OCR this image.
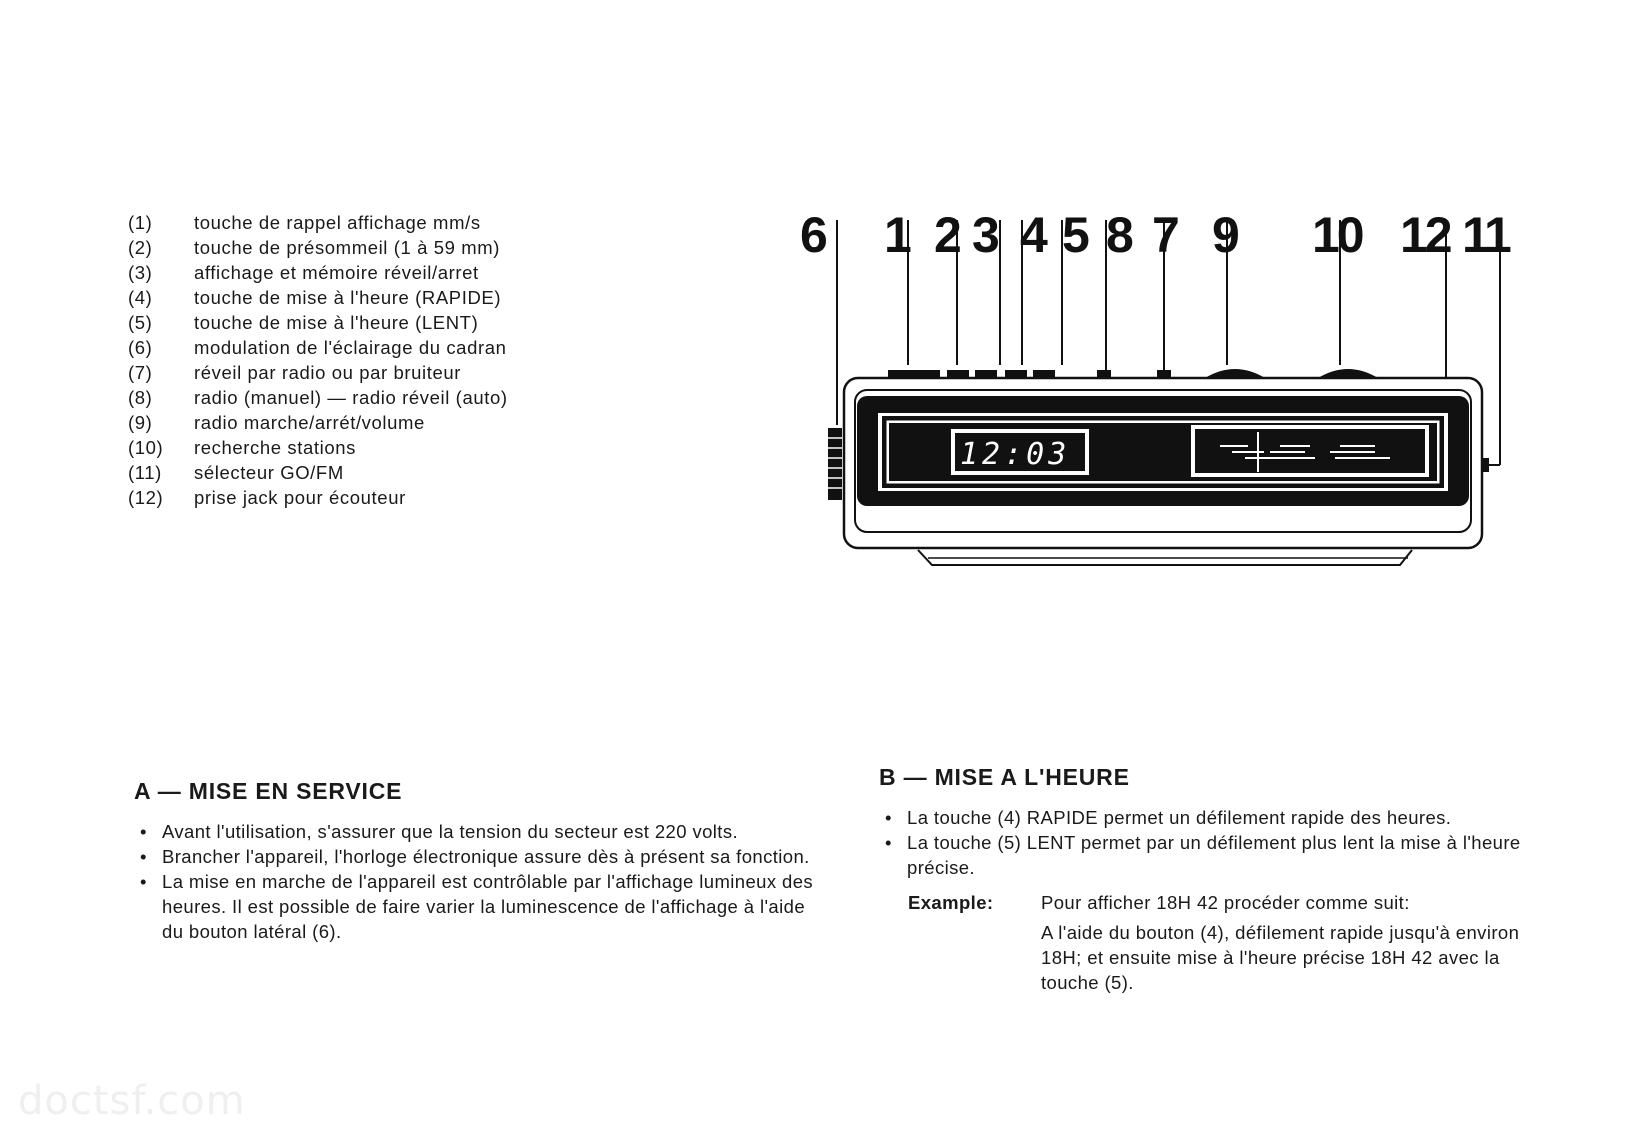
(1) touche de rappel affichage mm/s
(2) touche de présommeil (1 à 59 mm)
(3) affichage et mémoire réveil/arret
(4) touche de mise à l'heure (RAPIDE)
(5) touche de mise à l'heure (LENT)
(6) modulation de l'éclairage du cadran
(7) réveil par radio ou par bruiteur
(8) radio (manuel) — radio réveil (auto)
(9) radio marche/arrét/volume
(10) recherche stations
(11) sélecteur GO/FM
(12) prise jack pour écouteur
6 1 2 3 4 5 8 7 9 10 12 11
12:03
A — MISE EN SERVICE
• Avant l'utilisation, s'assurer que la tension du secteur est 220 volts.
• Brancher l'appareil, l'horloge électronique assure dès à présent sa fonction.
• La mise en marche de l'appareil est contrôlable par l'affichage lumineux des heures. Il est possible de faire varier la luminescence de l'affichage à l'aide du bouton latéral (6).
B — MISE A L'HEURE
• La touche (4) RAPIDE permet un défilement rapide des heures.
• La touche (5) LENT permet par un défilement plus lent la mise à l'heure précise.
Example:	Pour afficher 18H 42 procéder comme suit:
A l'aide du bouton (4), défilement rapide jusqu'à environ 18H; et ensuite mise à l'heure précise 18H 42 avec la touche (5).
doctsf.com
